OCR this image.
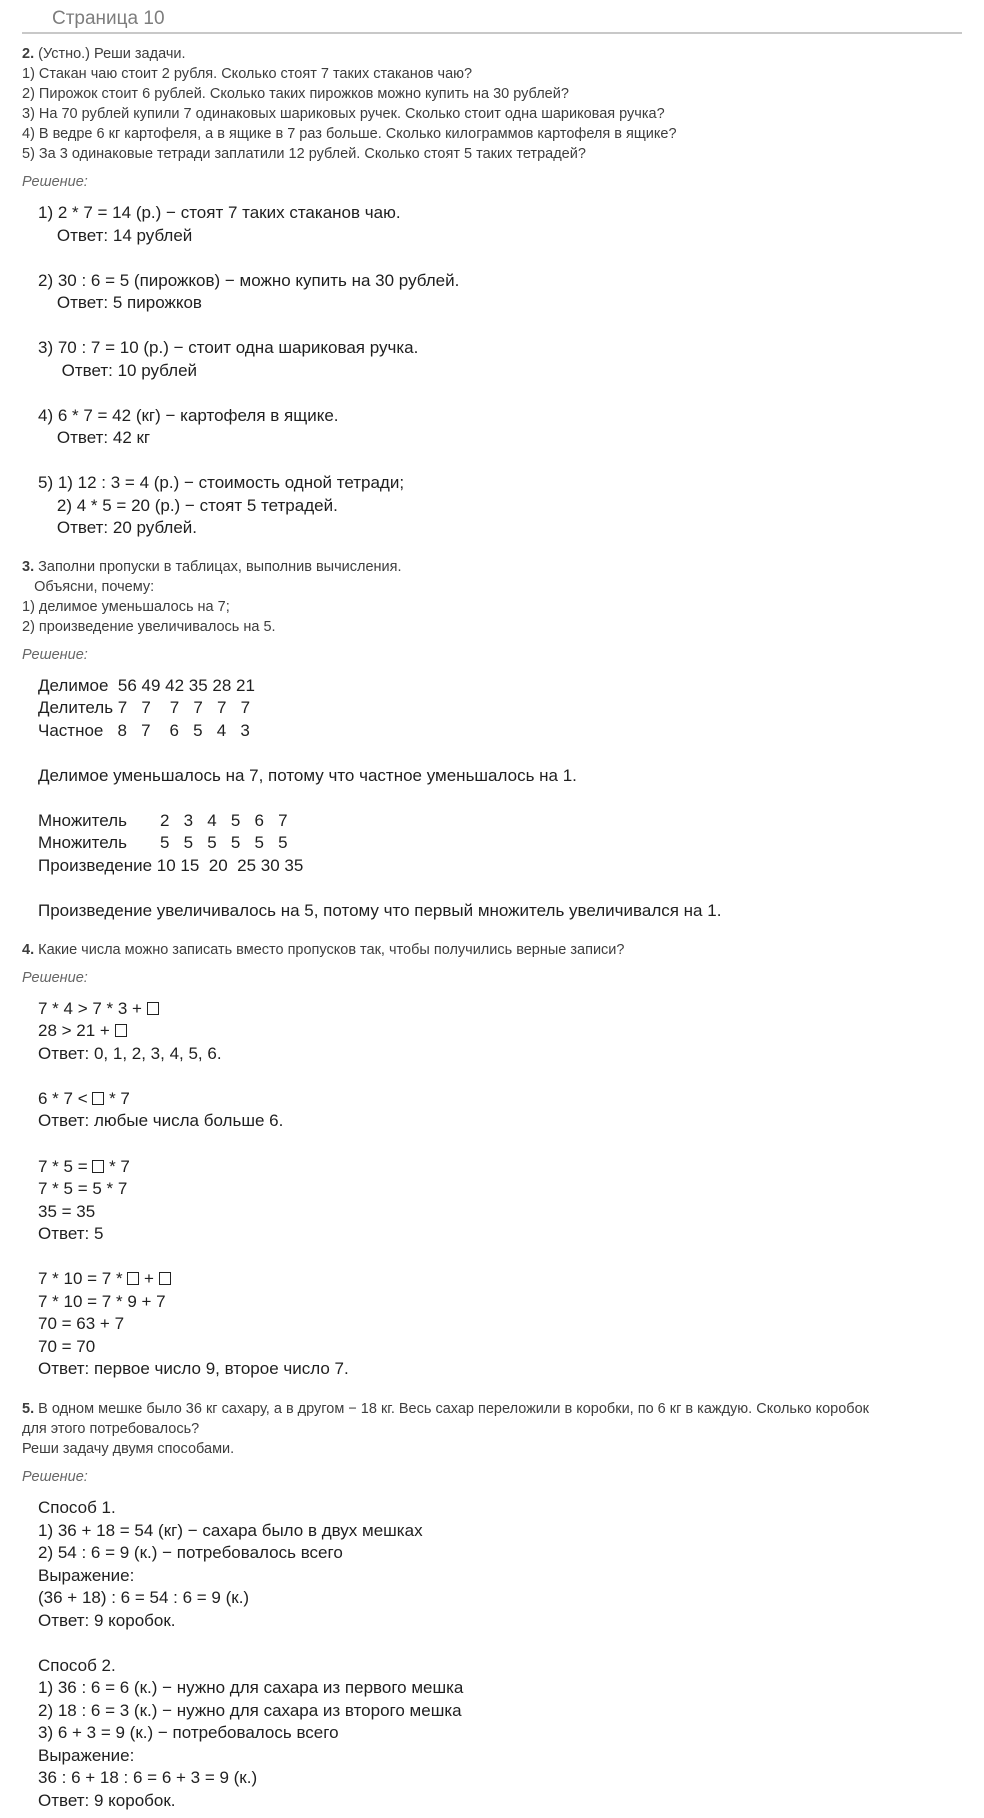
Страница 10
2. (Устно.) Реши задачи.
1) Стакан чаю стоит 2 рубля. Сколько стоят 7 таких стаканов чаю?
2) Пирожок стоит 6 рублей. Сколько таких пирожков можно купить на 30 рублей?
3) На 70 рублей купили 7 одинаковых шариковых ручек. Сколько стоит одна шариковая ручка?
4) В ведре 6 кг картофеля, а в ящике в 7 раз больше. Сколько килограммов картофеля в ящике?
5) За 3 одинаковые тетради заплатили 12 рублей. Сколько стоят 5 таких тетрадей?
Решение:
1) 2 * 7 = 14 (р.) − стоят 7 таких стаканов чаю.
Ответ: 14 рублей
2) 30 : 6 = 5 (пирожков) − можно купить на 30 рублей.
Ответ: 5 пирожков
3) 70 : 7 = 10 (р.) − стоит одна шариковая ручка.
Ответ: 10 рублей
4) 6 * 7 = 42 (кг) − картофеля в ящике.
Ответ: 42 кг
5) 1) 12 : 3 = 4 (р.) − стоимость одной тетради;
2) 4 * 5 = 20 (р.) − стоят 5 тетрадей.
Ответ: 20 рублей.
3. Заполни пропуски в таблицах, выполнив вычисления.
Объясни, почему:
1) делимое уменьшалось на 7;
2) произведение увеличивалось на 5.
Решение:
Делимое  56 49 42 35 28 21
Делитель 7   7    7   7   7   7
Частное   8   7    6   5   4   3
Делимое уменьшалось на 7, потому что частное уменьшалось на 1.
Множитель       2   3   4   5   6   7
Множитель       5   5   5   5   5   5
Произведение 10 15  20  25 30 35
Произведение увеличивалось на 5, потому что первый множитель увеличивался на 1.
4. Какие числа можно записать вместо пропусков так, чтобы получились верные записи?
Решение:
7 * 4 > 7 * 3 +
28 > 21 +
Ответ: 0, 1, 2, 3, 4, 5, 6.
6 * 7 <  * 7
Ответ: любые числа больше 6.
7 * 5 =  * 7
7 * 5 = 5 * 7
35 = 35
Ответ: 5
7 * 10 = 7 *  +
7 * 10 = 7 * 9 + 7
70 = 63 + 7
70 = 70
Ответ: первое число 9, второе число 7.
5. В одном мешке было 36 кг сахару, а в другом − 18 кг. Весь сахар переложили в коробки, по 6 кг в каждую. Сколько коробок
для этого потребовалось?
Реши задачу двумя способами.
Решение:
Способ 1.
1) 36 + 18 = 54 (кг) − сахара было в двух мешках
2) 54 : 6 = 9 (к.) − потребовалось всего
Выражение:
(36 + 18) : 6 = 54 : 6 = 9 (к.)
Ответ: 9 коробок.
Способ 2.
1) 36 : 6 = 6 (к.) − нужно для сахара из первого мешка
2) 18 : 6 = 3 (к.) − нужно для сахара из второго мешка
3) 6 + 3 = 9 (к.) − потребовалось всего
Выражение:
36 : 6 + 18 : 6 = 6 + 3 = 9 (к.)
Ответ: 9 коробок.
